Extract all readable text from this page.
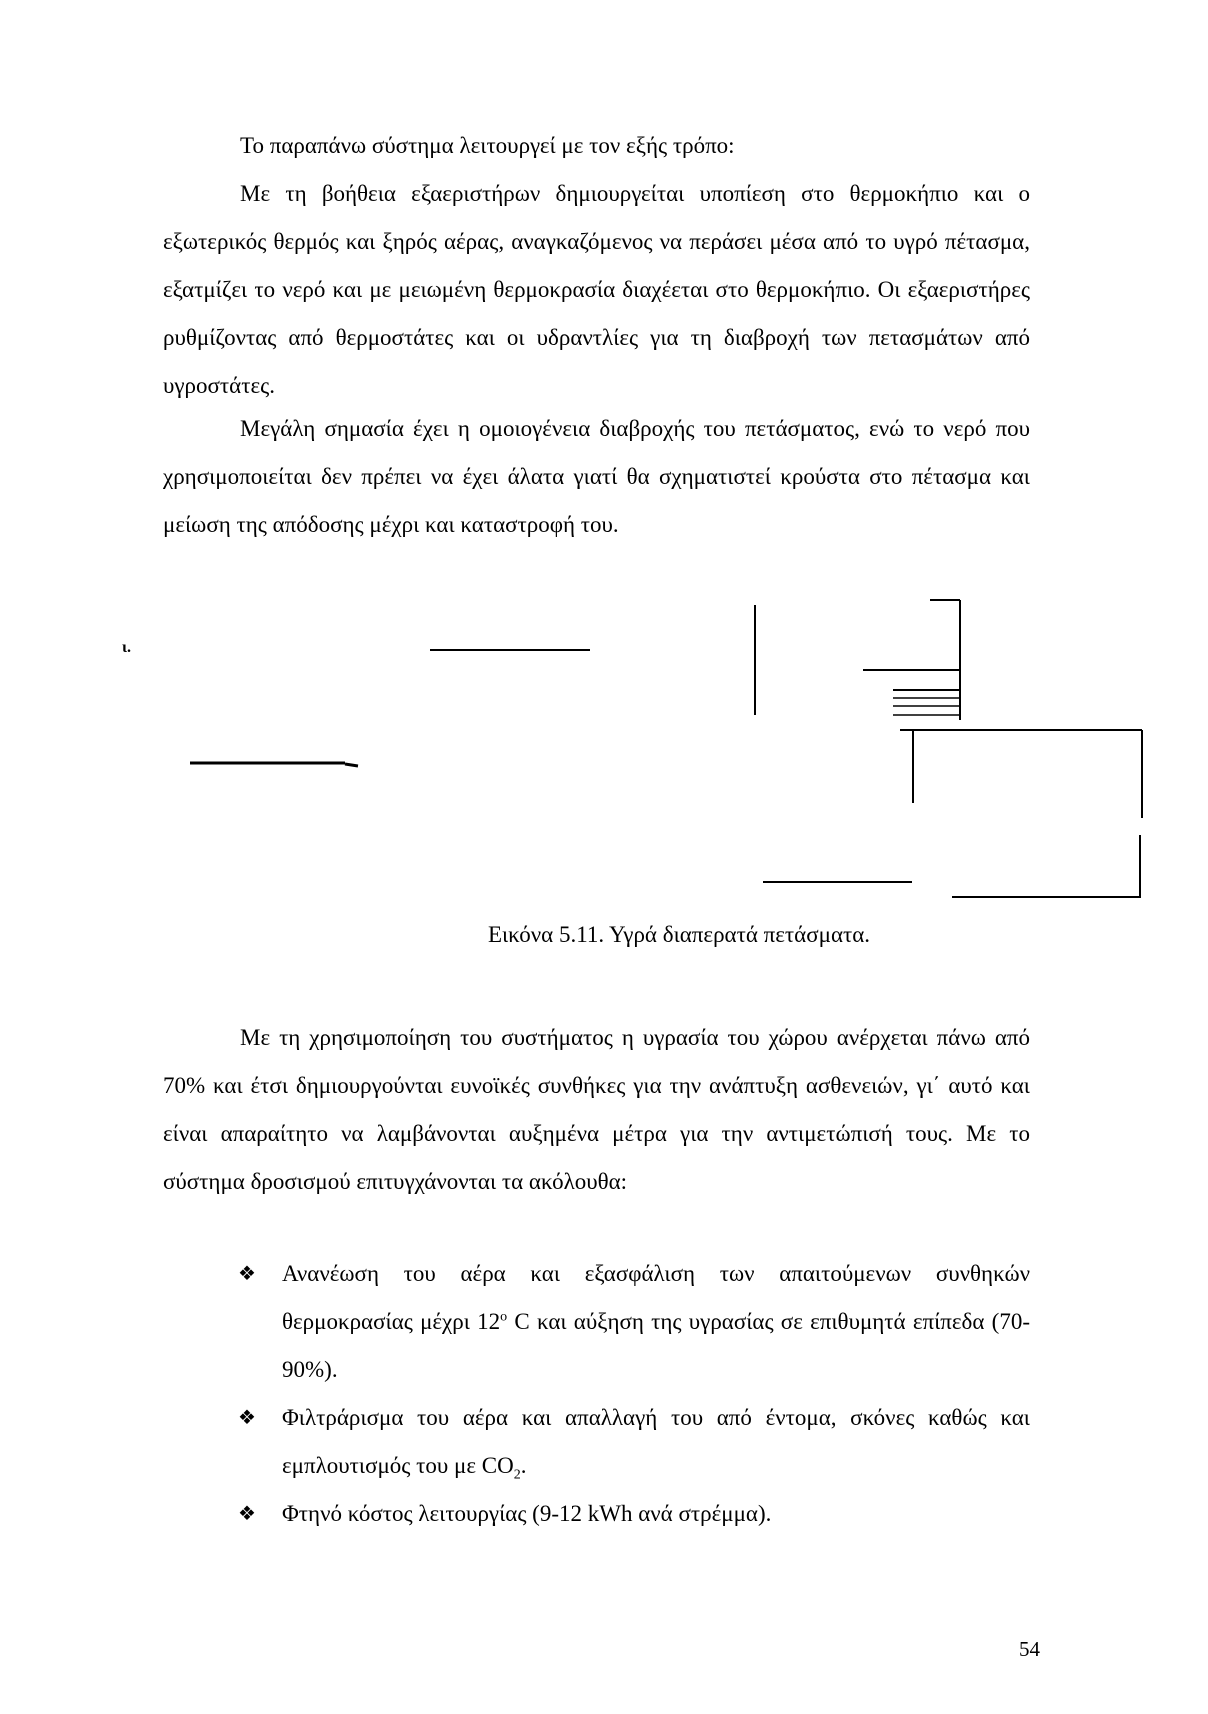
Το παραπάνω σύστημα λειτουργεί με τον εξής τρόπο:

Με τη βοήθεια εξαεριστήρων δημιουργείται υποπίεση στο θερμοκήπιο και ο εξωτερικός θερμός και ξηρός αέρας, αναγκαζόμενος να περάσει μέσα από το υγρό πέτασμα, εξατμίζει το νερό και με μειωμένη θερμοκρασία διαχέεται στο θερμοκήπιο. Οι εξαεριστήρες ρυθμίζοντας από θερμοστάτες και οι υδραντλίες για τη διαβροχή των πετασμάτων από υγροστάτες.

Μεγάλη σημασία έχει η ομοιογένεια διαβροχής του πετάσματος, ενώ το νερό που χρησιμοποιείται δεν πρέπει να έχει άλατα γιατί θα σχηματιστεί κρούστα στο πέτασμα και μείωση της απόδοσης μέχρι και καταστροφή του.

ι.
Εικόνα 5.11. Υγρά διαπερατά πετάσματα.

Με τη χρησιμοποίηση του συστήματος η υγρασία του χώρου ανέρχεται πάνω από 70% και έτσι δημιουργούνται ευνοϊκές συνθήκες για την ανάπτυξη ασθενειών, γι΄ αυτό και είναι απαραίτητο να λαμβάνονται αυξημένα μέτρα για την αντιμετώπισή τους. Με το σύστημα δροσισμού επιτυγχάνονται τα ακόλουθα:

❖	Ανανέωση του αέρα και εξασφάλιση των απαιτούμενων συνθηκών θερμοκρασίας μέχρι $12^o$ C και αύξηση της υγρασίας σε επιθυμητά επίπεδα (70-90%).
❖	Φιλτράρισμα του αέρα και απαλλαγή του από έντομα, σκόνες καθώς και εμπλουτισμός του με $CO_2$.
❖	Φτηνό κόστος λειτουργίας (9-12 kWh ανά στρέμμα).
54
